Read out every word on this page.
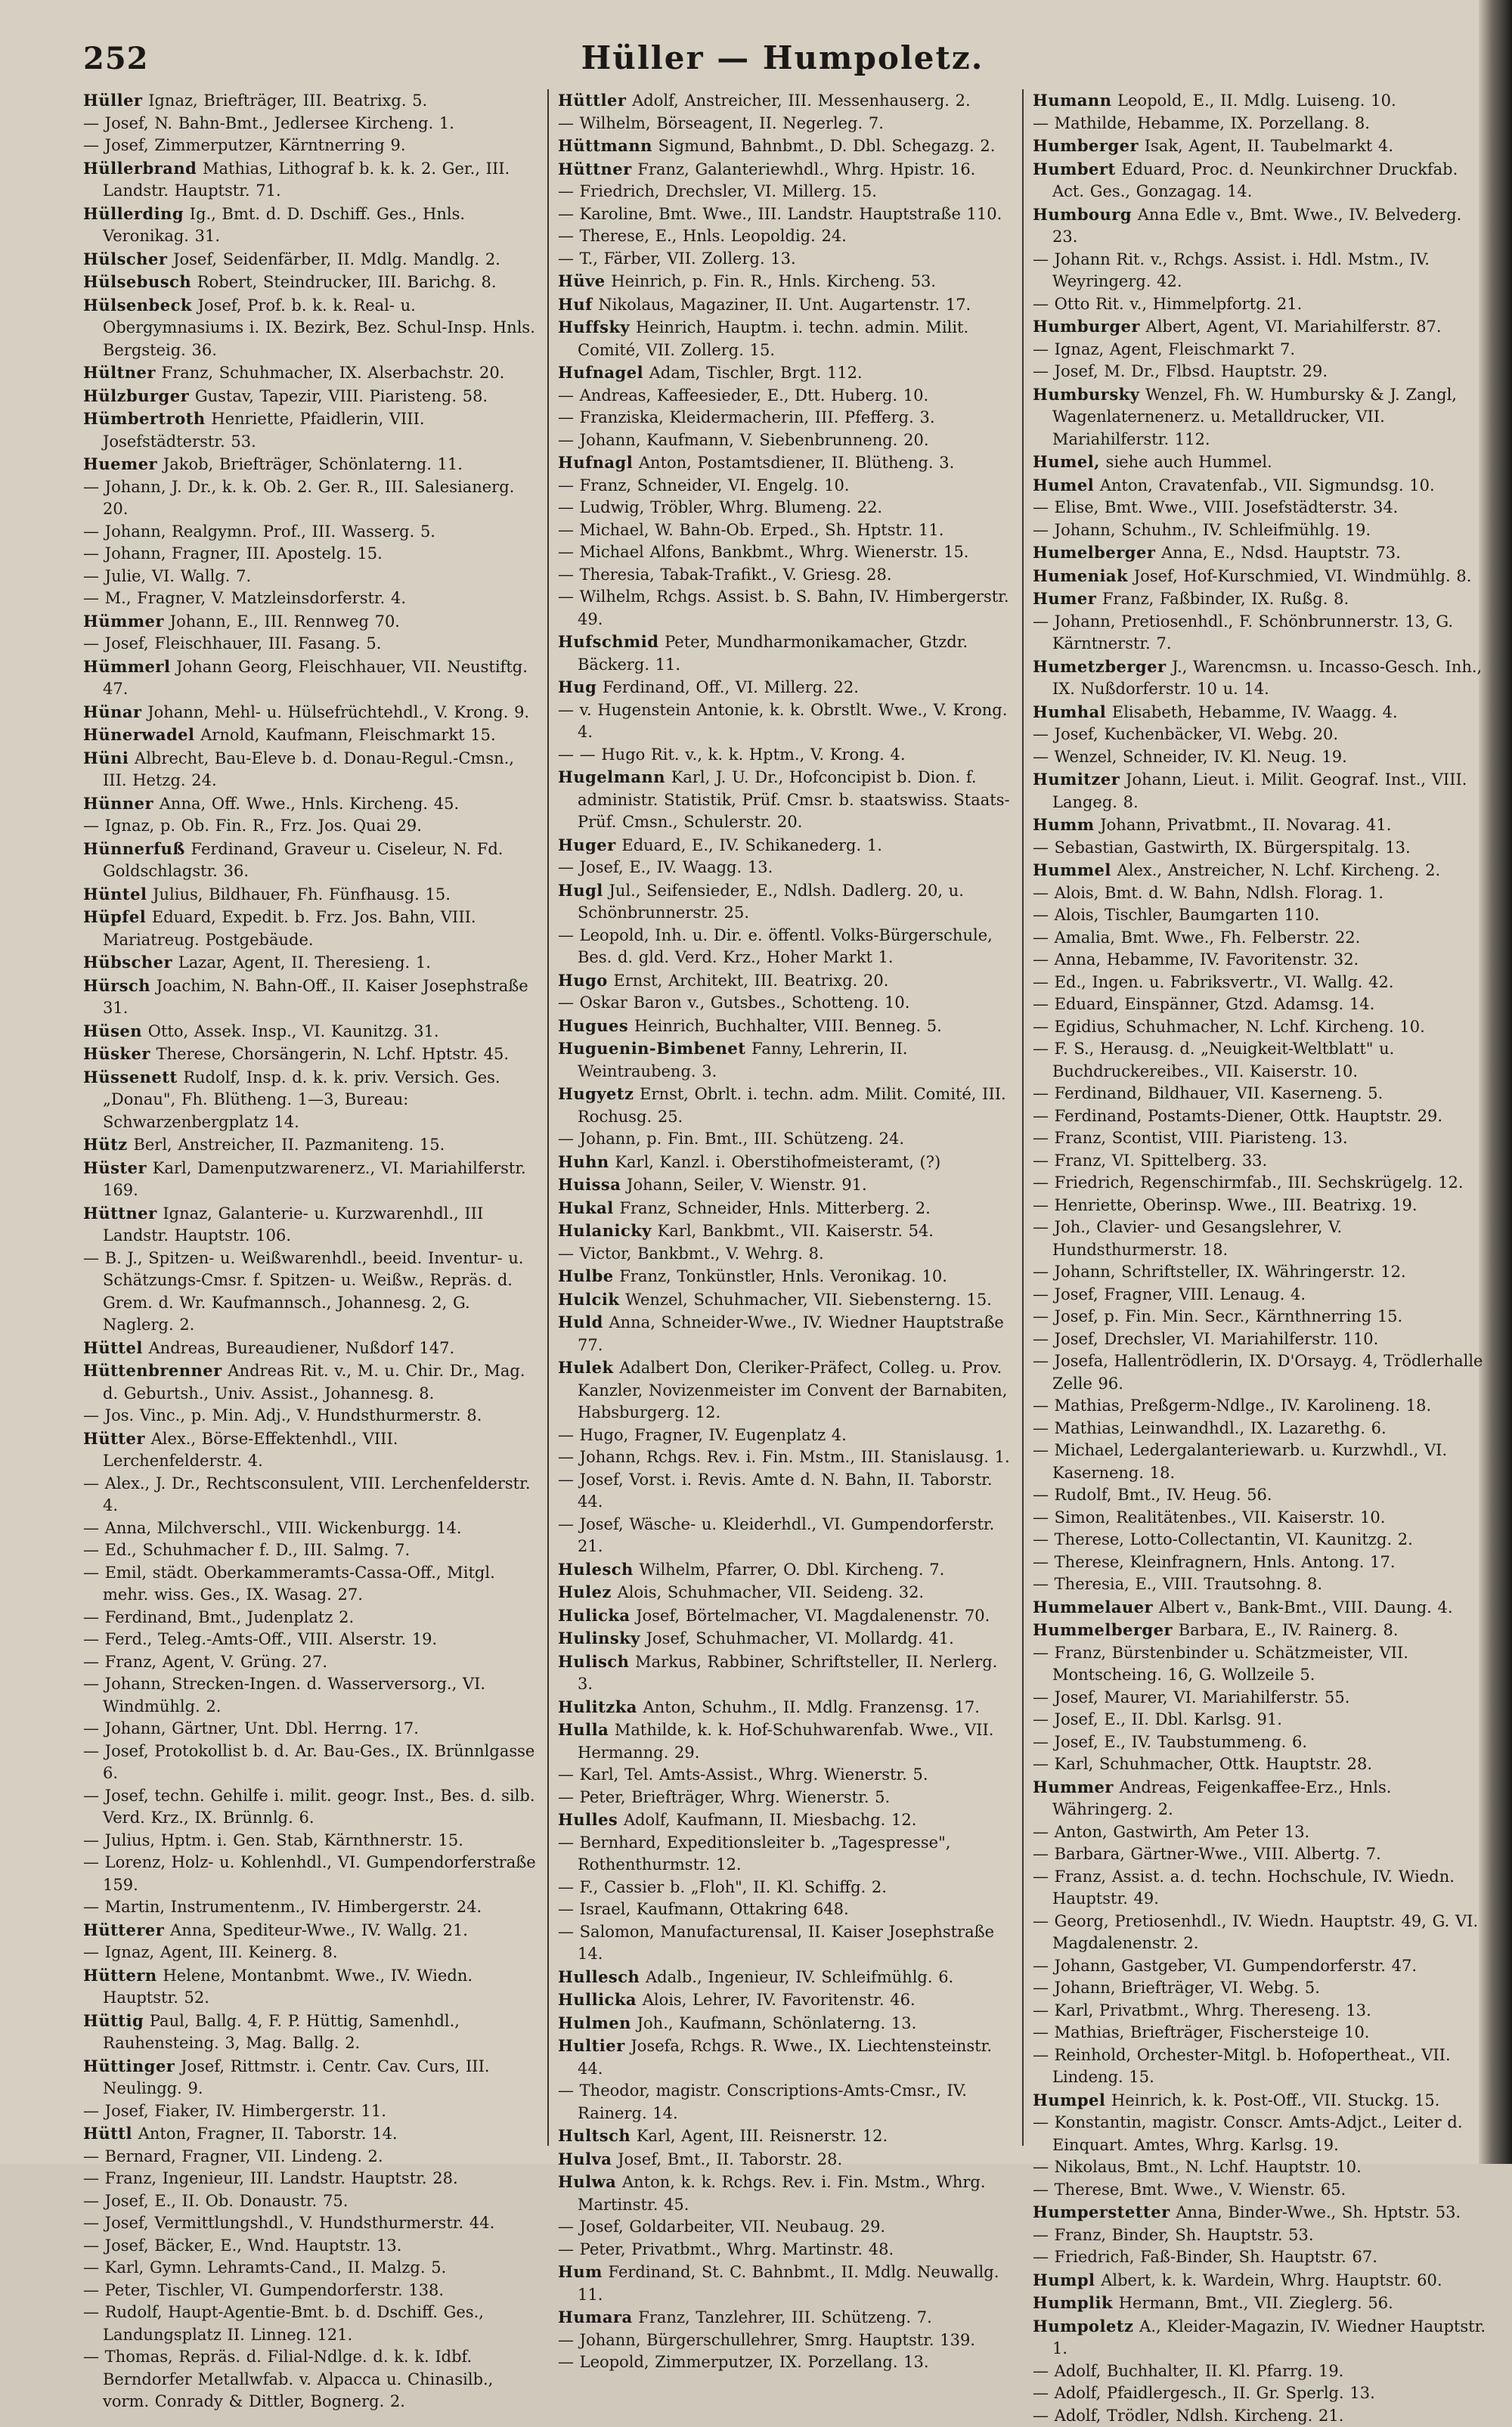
252	Hüller — Humpoletz.
Hüller Ignaz, Briefträger, III. Beatrixg. 5.
— Josef, N. Bahn-Bmt., Jedlersee Kircheng. 1.
— Josef, Zimmerputzer, Kärntnerring 9.
Hüllerbrand Mathias, Lithograf b. k. k. 2. Ger., III. Landstr. Hauptstr. 71.
Hüllerding Ig., Bmt. d. D. Dschiff. Ges., Hnls. Veronikag. 31.
Hülscher Josef, Seidenfärber, II. Mdlg. Mandlg. 2.
Hülsebusch Robert, Steindrucker, III. Barichg. 8.
Hülsenbeck Josef, Prof. b. k. k. Real- u. Obergymnasiums i. IX. Bezirk, Bez. Schul-Insp. Hnls. Bergsteig. 36.
Hültner Franz, Schuhmacher, IX. Alserbachstr. 20.
Hülzburger Gustav, Tapezir, VIII. Piaristeng. 58.
Hümbertroth Henriette, Pfaidlerin, VIII. Josefstädterstr. 53.
Huemer Jakob, Briefträger, Schönlaterng. 11.
— Johann, J. Dr., k. k. Ob. 2. Ger. R., III. Salesianerg. 20.
— Johann, Realgymn. Prof., III. Wasserg. 5.
— Johann, Fragner, III. Apostelg. 15.
— Julie, VI. Wallg. 7.
— M., Fragner, V. Matzleinsdorferstr. 4.
Hümmer Johann, E., III. Rennweg 70.
— Josef, Fleischhauer, III. Fasang. 5.
Hümmerl Johann Georg, Fleischhauer, VII. Neustiftg. 47.
Hünar Johann, Mehl- u. Hülsefrüchtehdl., V. Krong. 9.
Hünerwadel Arnold, Kaufmann, Fleischmarkt 15.
Hüni Albrecht, Bau-Eleve b. d. Donau-Regul.-Cmsn., III. Hetzg. 24.
Hünner Anna, Off. Wwe., Hnls. Kircheng. 45.
— Ignaz, p. Ob. Fin. R., Frz. Jos. Quai 29.
Hünnerfuß Ferdinand, Graveur u. Ciseleur, N. Fd. Goldschlagstr. 36.
Hüntel Julius, Bildhauer, Fh. Fünfhausg. 15.
Hüpfel Eduard, Expedit. b. Frz. Jos. Bahn, VIII. Mariatreug. Postgebäude.
Hübscher Lazar, Agent, II. Theresieng. 1.
Hürsch Joachim, N. Bahn-Off., II. Kaiser Josephstraße 31.
Hüsen Otto, Assek. Insp., VI. Kaunitzg. 31.
Hüsker Therese, Chorsängerin, N. Lchf. Hptstr. 45.
Hüssenett Rudolf, Insp. d. k. k. priv. Versich. Ges. „Donau", Fh. Blütheng. 1—3, Bureau: Schwarzenbergplatz 14.
Hütz Berl, Anstreicher, II. Pazmaniteng. 15.
Hüster Karl, Damenputzwarenerz., VI. Mariahilferstr. 169.
Hüttner Ignaz, Galanterie- u. Kurzwarenhdl., III Landstr. Hauptstr. 106.
— B. J., Spitzen- u. Weißwarenhdl., beeid. Inventur- u. Schätzungs-Cmsr. f. Spitzen- u. Weißw., Repräs. d. Grem. d. Wr. Kaufmannsch., Johannesg. 2, G. Naglerg. 2.
Hüttel Andreas, Bureaudiener, Nußdorf 147.
Hüttenbrenner Andreas Rit. v., M. u. Chir. Dr., Mag. d. Geburtsh., Univ. Assist., Johannesg. 8.
— Jos. Vinc., p. Min. Adj., V. Hundsthurmerstr. 8.
Hütter Alex., Börse-Effektenhdl., VIII. Lerchenfelderstr. 4.
— Alex., J. Dr., Rechtsconsulent, VIII. Lerchenfelderstr. 4.
— Anna, Milchverschl., VIII. Wickenburgg. 14.
— Ed., Schuhmacher f. D., III. Salmg. 7.
— Emil, städt. Oberkammeramts-Cassa-Off., Mitgl. mehr. wiss. Ges., IX. Wasag. 27.
— Ferdinand, Bmt., Judenplatz 2.
— Ferd., Teleg.-Amts-Off., VIII. Alserstr. 19.
— Franz, Agent, V. Grüng. 27.
— Johann, Strecken-Ingen. d. Wasserversorg., VI. Windmühlg. 2.
— Johann, Gärtner, Unt. Dbl. Herrng. 17.
— Josef, Protokollist b. d. Ar. Bau-Ges., IX. Brünnlgasse 6.
— Josef, techn. Gehilfe i. milit. geogr. Inst., Bes. d. silb. Verd. Krz., IX. Brünnlg. 6.
— Julius, Hptm. i. Gen. Stab, Kärnthnerstr. 15.
— Lorenz, Holz- u. Kohlenhdl., VI. Gumpendorferstraße 159.
— Martin, Instrumentenm., IV. Himbergerstr. 24.
Hütterer Anna, Spediteur-Wwe., IV. Wallg. 21.
— Ignaz, Agent, III. Keinerg. 8.
Hüttern Helene, Montanbmt. Wwe., IV. Wiedn. Hauptstr. 52.
Hüttig Paul, Ballg. 4, F. P. Hüttig, Samenhdl., Rauhensteing. 3, Mag. Ballg. 2.
Hüttinger Josef, Rittmstr. i. Centr. Cav. Curs, III. Neulingg. 9.
— Josef, Fiaker, IV. Himbergerstr. 11.
Hüttl Anton, Fragner, II. Taborstr. 14.
— Bernard, Fragner, VII. Lindeng. 2.
— Franz, Ingenieur, III. Landstr. Hauptstr. 28.
— Josef, E., II. Ob. Donaustr. 75.
— Josef, Vermittlungshdl., V. Hundsthurmerstr. 44.
— Josef, Bäcker, E., Wnd. Hauptstr. 13.
— Karl, Gymn. Lehramts-Cand., II. Malzg. 5.
— Peter, Tischler, VI. Gumpendorferstr. 138.
— Rudolf, Haupt-Agentie-Bmt. b. d. Dschiff. Ges., Landungsplatz II. Linneg. 121.
— Thomas, Repräs. d. Filial-Ndlge. d. k. k. Idbf. Berndorfer Metallwfab. v. Alpacca u. Chinasilb., vorm. Conrady & Dittler, Bognerg. 2.
Hüttler Adolf, Anstreicher, III. Messenhauserg. 2.
— Wilhelm, Börseagent, II. Negerleg. 7.
Hüttmann Sigmund, Bahnbmt., D. Dbl. Schegazg. 2.
Hüttner Franz, Galanteriewhdl., Whrg. Hpistr. 16.
— Friedrich, Drechsler, VI. Millerg. 15.
— Karoline, Bmt. Wwe., III. Landstr. Hauptstraße 110.
— Therese, E., Hnls. Leopoldig. 24.
— T., Färber, VII. Zollerg. 13.
Hüve Heinrich, p. Fin. R., Hnls. Kircheng. 53.
Huf Nikolaus, Magaziner, II. Unt. Augartenstr. 17.
Huffsky Heinrich, Hauptm. i. techn. admin. Milit. Comité, VII. Zollerg. 15.
Hufnagel Adam, Tischler, Brgt. 112.
— Andreas, Kaffeesieder, E., Dtt. Huberg. 10.
— Franziska, Kleidermacherin, III. Pfefferg. 3.
— Johann, Kaufmann, V. Siebenbrunneng. 20.
Hufnagl Anton, Postamtsdiener, II. Blütheng. 3.
— Franz, Schneider, VI. Engelg. 10.
— Ludwig, Tröbler, Whrg. Blumeng. 22.
— Michael, W. Bahn-Ob. Erped., Sh. Hptstr. 11.
— Michael Alfons, Bankbmt., Whrg. Wienerstr. 15.
— Theresia, Tabak-Trafikt., V. Griesg. 28.
— Wilhelm, Rchgs. Assist. b. S. Bahn, IV. Himbergerstr. 49.
Hufschmid Peter, Mundharmonikamacher, Gtzdr. Bäckerg. 11.
Hug Ferdinand, Off., VI. Millerg. 22.
— v. Hugenstein Antonie, k. k. Obrstlt. Wwe., V. Krong. 4.
— — Hugo Rit. v., k. k. Hptm., V. Krong. 4.
Hugelmann Karl, J. U. Dr., Hofconcipist b. Dion. f. administr. Statistik, Prüf. Cmsr. b. staatswiss. Staats-Prüf. Cmsn., Schulerstr. 20.
Huger Eduard, E., IV. Schikanederg. 1.
— Josef, E., IV. Waagg. 13.
Hugl Jul., Seifensieder, E., Ndlsh. Dadlerg. 20, u. Schönbrunnerstr. 25.
— Leopold, Inh. u. Dir. e. öffentl. Volks-Bürgerschule, Bes. d. gld. Verd. Krz., Hoher Markt 1.
Hugo Ernst, Architekt, III. Beatrixg. 20.
— Oskar Baron v., Gutsbes., Schotteng. 10.
Hugues Heinrich, Buchhalter, VIII. Benneg. 5.
Huguenin-Bimbenet Fanny, Lehrerin, II. Weintraubeng. 3.
Hugyetz Ernst, Obrlt. i. techn. adm. Milit. Comité, III. Rochusg. 25.
— Johann, p. Fin. Bmt., III. Schützeng. 24.
Huhn Karl, Kanzl. i. Oberstihofmeisteramt, (?)
Huissa Johann, Seiler, V. Wienstr. 91.
Hukal Franz, Schneider, Hnls. Mitterberg. 2.
Hulanicky Karl, Bankbmt., VII. Kaiserstr. 54.
— Victor, Bankbmt., V. Wehrg. 8.
Hulbe Franz, Tonkünstler, Hnls. Veronikag. 10.
Hulcik Wenzel, Schuhmacher, VII. Siebensterng. 15.
Huld Anna, Schneider-Wwe., IV. Wiedner Hauptstraße 77.
Hulek Adalbert Don, Cleriker-Präfect, Colleg. u. Prov. Kanzler, Novizenmeister im Convent der Barnabiten, Habsburgerg. 12.
— Hugo, Fragner, IV. Eugenplatz 4.
— Johann, Rchgs. Rev. i. Fin. Mstm., III. Stanislausg. 1.
— Josef, Vorst. i. Revis. Amte d. N. Bahn, II. Taborstr. 44.
— Josef, Wäsche- u. Kleiderhdl., VI. Gumpendorferstr. 21.
Hulesch Wilhelm, Pfarrer, O. Dbl. Kircheng. 7.
Hulez Alois, Schuhmacher, VII. Seideng. 32.
Hulicka Josef, Börtelmacher, VI. Magdalenenstr. 70.
Hulinsky Josef, Schuhmacher, VI. Mollardg. 41.
Hulisch Markus, Rabbiner, Schriftsteller, II. Nerlerg. 3.
Hulitzka Anton, Schuhm., II. Mdlg. Franzensg. 17.
Hulla Mathilde, k. k. Hof-Schuhwarenfab. Wwe., VII. Hermanng. 29.
— Karl, Tel. Amts-Assist., Whrg. Wienerstr. 5.
— Peter, Briefträger, Whrg. Wienerstr. 5.
Hulles Adolf, Kaufmann, II. Miesbachg. 12.
— Bernhard, Expeditionsleiter b. „Tagespresse", Rothenthurmstr. 12.
— F., Cassier b. „Floh", II. Kl. Schiffg. 2.
— Israel, Kaufmann, Ottakring 648.
— Salomon, Manufacturensal, II. Kaiser Josephstraße 14.
Hullesch Adalb., Ingenieur, IV. Schleifmühlg. 6.
Hullicka Alois, Lehrer, IV. Favoritenstr. 46.
Hulmen Joh., Kaufmann, Schönlaterng. 13.
Hultier Josefa, Rchgs. R. Wwe., IX. Liechtensteinstr. 44.
— Theodor, magistr. Conscriptions-Amts-Cmsr., IV. Rainerg. 14.
Hultsch Karl, Agent, III. Reisnerstr. 12.
Hulva Josef, Bmt., II. Taborstr. 28.
Hulwa Anton, k. k. Rchgs. Rev. i. Fin. Mstm., Whrg. Martinstr. 45.
— Josef, Goldarbeiter, VII. Neubaug. 29.
— Peter, Privatbmt., Whrg. Martinstr. 48.
Hum Ferdinand, St. C. Bahnbmt., II. Mdlg. Neuwallg. 11.
Humara Franz, Tanzlehrer, III. Schützeng. 7.
— Johann, Bürgerschullehrer, Smrg. Hauptstr. 139.
— Leopold, Zimmerputzer, IX. Porzellang. 13.
Humann Leopold, E., II. Mdlg. Luiseng. 10.
— Mathilde, Hebamme, IX. Porzellang. 8.
Humberger Isak, Agent, II. Taubelmarkt 4.
Humbert Eduard, Proc. d. Neunkirchner Druckfab. Act. Ges., Gonzagag. 14.
Humbourg Anna Edle v., Bmt. Wwe., IV. Belvederg. 23.
— Johann Rit. v., Rchgs. Assist. i. Hdl. Mstm., IV. Weyringerg. 42.
— Otto Rit. v., Himmelpfortg. 21.
Humburger Albert, Agent, VI. Mariahilferstr. 87.
— Ignaz, Agent, Fleischmarkt 7.
— Josef, M. Dr., Flbsd. Hauptstr. 29.
Humbursky Wenzel, Fh. W. Humbursky & J. Zangl, Wagenlaternenerz. u. Metalldrucker, VII. Mariahilferstr. 112.
Humel, siehe auch Hummel.
Humel Anton, Cravatenfab., VII. Sigmundsg. 10.
— Elise, Bmt. Wwe., VIII. Josefstädterstr. 34.
— Johann, Schuhm., IV. Schleifmühlg. 19.
Humelberger Anna, E., Ndsd. Hauptstr. 73.
Humeniak Josef, Hof-Kurschmied, VI. Windmühlg. 8.
Humer Franz, Faßbinder, IX. Rußg. 8.
— Johann, Pretiosenhdl., F. Schönbrunnerstr. 13, G. Kärntnerstr. 7.
Humetzberger J., Warencmsn. u. Incasso-Gesch. Inh., IX. Nußdorferstr. 10 u. 14.
Humhal Elisabeth, Hebamme, IV. Waagg. 4.
— Josef, Kuchenbäcker, VI. Webg. 20.
— Wenzel, Schneider, IV. Kl. Neug. 19.
Humitzer Johann, Lieut. i. Milit. Geograf. Inst., VIII. Langeg. 8.
Humm Johann, Privatbmt., II. Novarag. 41.
— Sebastian, Gastwirth, IX. Bürgerspitalg. 13.
Hummel Alex., Anstreicher, N. Lchf. Kircheng. 2.
— Alois, Bmt. d. W. Bahn, Ndlsh. Florag. 1.
— Alois, Tischler, Baumgarten 110.
— Amalia, Bmt. Wwe., Fh. Felberstr. 22.
— Anna, Hebamme, IV. Favoritenstr. 32.
— Ed., Ingen. u. Fabriksvertr., VI. Wallg. 42.
— Eduard, Einspänner, Gtzd. Adamsg. 14.
— Egidius, Schuhmacher, N. Lchf. Kircheng. 10.
— F. S., Herausg. d. „Neuigkeit-Weltblatt" u. Buchdruckereibes., VII. Kaiserstr. 10.
— Ferdinand, Bildhauer, VII. Kaserneng. 5.
— Ferdinand, Postamts-Diener, Ottk. Hauptstr. 29.
— Franz, Scontist, VIII. Piaristeng. 13.
— Franz, VI. Spittelberg. 33.
— Friedrich, Regenschirmfab., III. Sechskrügelg. 12.
— Henriette, Oberinsp. Wwe., III. Beatrixg. 19.
— Joh., Clavier- und Gesangslehrer, V. Hundsthurmerstr. 18.
— Johann, Schriftsteller, IX. Währingerstr. 12.
— Josef, Fragner, VIII. Lenaug. 4.
— Josef, p. Fin. Min. Secr., Kärnthnerring 15.
— Josef, Drechsler, VI. Mariahilferstr. 110.
— Josefa, Hallentrödlerin, IX. D'Orsayg. 4, Trödlerhalle Zelle 96.
— Mathias, Preßgerm-Ndlge., IV. Karolineng. 18.
— Mathias, Leinwandhdl., IX. Lazarethg. 6.
— Michael, Ledergalanteriewarb. u. Kurzwhdl., VI. Kaserneng. 18.
— Rudolf, Bmt., IV. Heug. 56.
— Simon, Realitätenbes., VII. Kaiserstr. 10.
— Therese, Lotto-Collectantin, VI. Kaunitzg. 2.
— Therese, Kleinfragnern, Hnls. Antong. 17.
— Theresia, E., VIII. Trautsohng. 8.
Hummelauer Albert v., Bank-Bmt., VIII. Daung. 4.
Hummelberger Barbara, E., IV. Rainerg. 8.
— Franz, Bürstenbinder u. Schätzmeister, VII. Montscheing. 16, G. Wollzeile 5.
— Josef, Maurer, VI. Mariahilferstr. 55.
— Josef, E., II. Dbl. Karlsg. 91.
— Josef, E., IV. Taubstummeng. 6.
— Karl, Schuhmacher, Ottk. Hauptstr. 28.
Hummer Andreas, Feigenkaffee-Erz., Hnls. Währingerg. 2.
— Anton, Gastwirth, Am Peter 13.
— Barbara, Gärtner-Wwe., VIII. Albertg. 7.
— Franz, Assist. a. d. techn. Hochschule, IV. Wiedn. Hauptstr. 49.
— Georg, Pretiosenhdl., IV. Wiedn. Hauptstr. 49, G. VI. Magdalenenstr. 2.
— Johann, Gastgeber, VI. Gumpendorferstr. 47.
— Johann, Briefträger, VI. Webg. 5.
— Karl, Privatbmt., Whrg. Thereseng. 13.
— Mathias, Briefträger, Fischersteige 10.
— Reinhold, Orchester-Mitgl. b. Hofopertheat., VII. Lindeng. 15.
Humpel Heinrich, k. k. Post-Off., VII. Stuckg. 15.
— Konstantin, magistr. Conscr. Amts-Adjct., Leiter d. Einquart. Amtes, Whrg. Karlsg. 19.
— Nikolaus, Bmt., N. Lchf. Hauptstr. 10.
— Therese, Bmt. Wwe., V. Wienstr. 65.
Humperstetter Anna, Binder-Wwe., Sh. Hptstr. 53.
— Franz, Binder, Sh. Hauptstr. 53.
— Friedrich, Faß-Binder, Sh. Hauptstr. 67.
Humpl Albert, k. k. Wardein, Whrg. Hauptstr. 60.
Humplik Hermann, Bmt., VII. Zieglerg. 56.
Humpoletz A., Kleider-Magazin, IV. Wiedner Hauptstr. 1.
— Adolf, Buchhalter, II. Kl. Pfarrg. 19.
— Adolf, Pfaidlergesch., II. Gr. Sperlg. 13.
— Adolf, Trödler, Ndlsh. Kircheng. 21.
